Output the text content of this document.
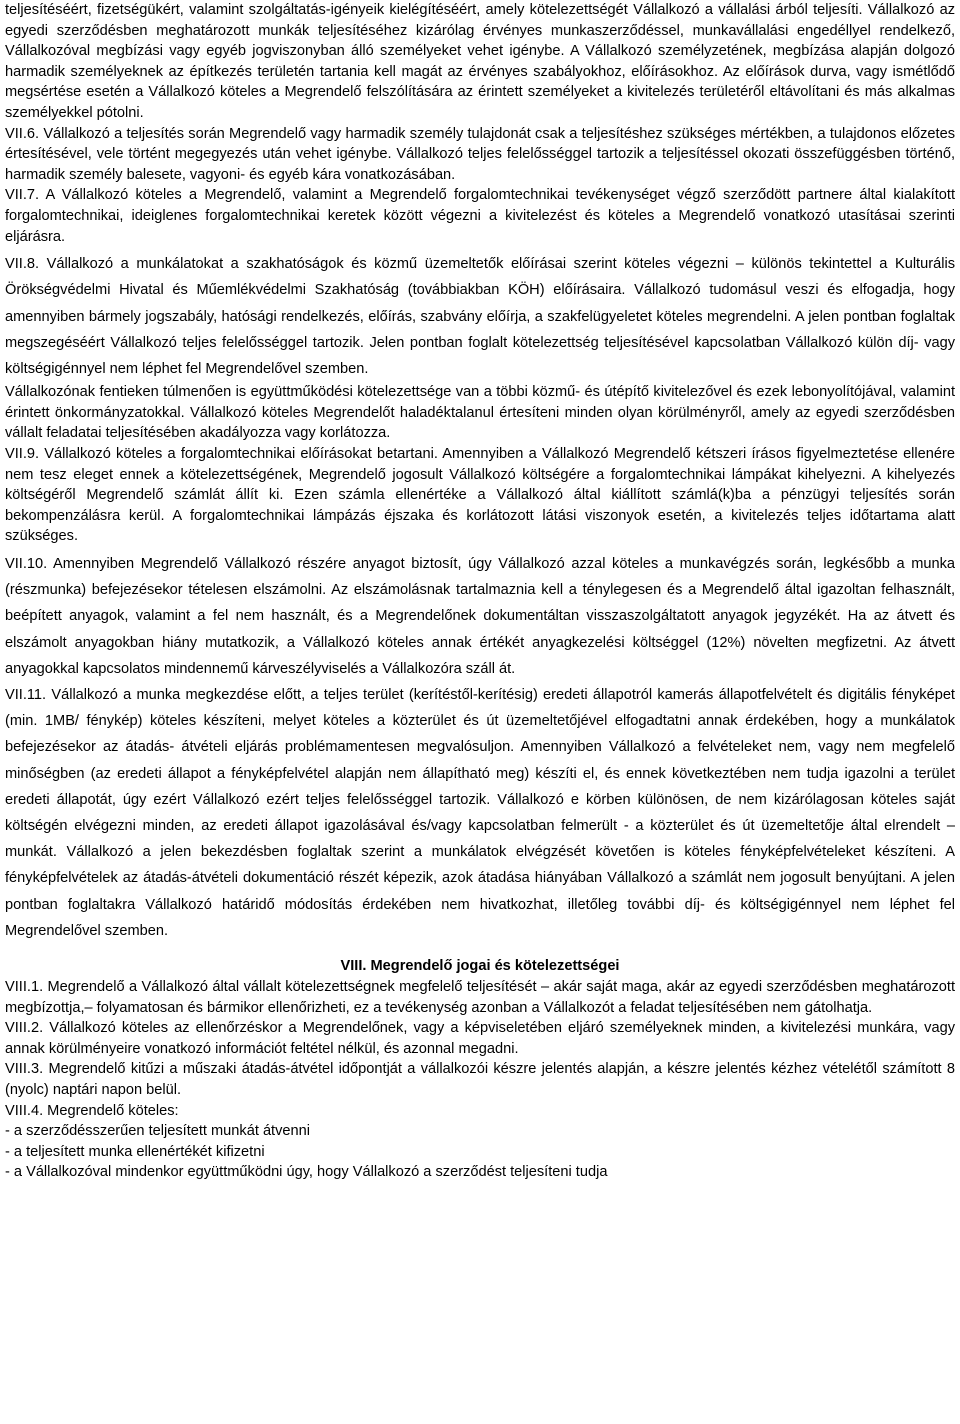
teljesítéséért, fizetségükért, valamint szolgáltatás-igényeik kielégítéséért, amely kötelezettségét Vállalkozó a vállalási árból teljesíti. Vállalkozó az egyedi szerződésben meghatározott munkák teljesítéséhez kizárólag érvényes munkaszerződéssel, munkavállalási engedéllyel rendelkező, Vállalkozóval megbízási vagy egyéb jogviszonyban álló személyeket vehet igénybe. A Vállalkozó személyzetének, megbízása alapján dolgozó harmadik személyeknek az építkezés területén tartania kell magát az érvényes szabályokhoz, előírásokhoz. Az előírások durva, vagy ismétlődő megsértése esetén a Vállalkozó köteles a Megrendelő felszólítására az érintett személyeket a kivitelezés területéről eltávolítani és más alkalmas személyekkel pótolni.

VII.6. Vállalkozó a teljesítés során Megrendelő vagy harmadik személy tulajdonát csak a teljesítéshez szükséges mértékben, a tulajdonos előzetes értesítésével, vele történt megegyezés után vehet igénybe. Vállalkozó teljes felelősséggel tartozik a teljesítéssel okozati összefüggésben történő, harmadik személy balesete, vagyoni- és egyéb kára vonatkozásában.

VII.7. A Vállalkozó köteles a Megrendelő, valamint a Megrendelő forgalomtechnikai tevékenységet végző szerződött partnere által kialakított forgalomtechnikai, ideiglenes forgalomtechnikai keretek között végezni a kivitelezést és köteles a Megrendelő vonatkozó utasításai szerinti eljárásra.

VII.8. Vállalkozó a munkálatokat a szakhatóságok és közmű üzemeltetők előírásai szerint köteles végezni – különös tekintettel a Kulturális Örökségvédelmi Hivatal és Műemlékvédelmi Szakhatóság (továbbiakban KÖH) előírásaira. Vállalkozó tudomásul veszi és elfogadja, hogy amennyiben bármely jogszabály, hatósági rendelkezés, előírás, szabvány előírja, a szakfelügyeletet köteles megrendelni. A jelen pontban foglaltak megszegéséért Vállalkozó teljes felelősséggel tartozik. Jelen pontban foglalt kötelezettség teljesítésével kapcsolatban Vállalkozó külön díj- vagy költségigénnyel nem léphet fel Megrendelővel szemben.

Vállalkozónak fentieken túlmenően is együttműködési kötelezettsége van a többi közmű- és útépítő kivitelezővel és ezek lebonyolítójával, valamint érintett önkormányzatokkal. Vállalkozó köteles Megrendelőt haladéktalanul értesíteni minden olyan körülményről, amely az egyedi szerződésben vállalt feladatai teljesítésében akadályozza vagy korlátozza.

VII.9. Vállalkozó köteles a forgalomtechnikai előírásokat betartani. Amennyiben a Vállalkozó Megrendelő kétszeri írásos figyelmeztetése ellenére nem tesz eleget ennek a kötelezettségének, Megrendelő jogosult Vállalkozó költségére a forgalomtechnikai lámpákat kihelyezni. A kihelyezés költségéről Megrendelő számlát állít ki. Ezen számla ellenértéke a Vállalkozó által kiállított számlá(k)ba a pénzügyi teljesítés során bekompenzálásra kerül. A forgalomtechnikai lámpázás éjszaka és korlátozott látási viszonyok esetén, a kivitelezés teljes időtartama alatt szükséges.

VII.10. Amennyiben Megrendelő Vállalkozó részére anyagot biztosít, úgy Vállalkozó azzal köteles a munkavégzés során, legkésőbb a munka (részmunka) befejezésekor tételesen elszámolni. Az elszámolásnak tartalmaznia kell a ténylegesen és a Megrendelő által igazoltan felhasznált, beépített anyagok, valamint a fel nem használt, és a Megrendelőnek dokumentáltan visszaszolgáltatott anyagok jegyzékét. Ha az átvett és elszámolt anyagokban hiány mutatkozik, a Vállalkozó köteles annak értékét anyagkezelési költséggel (12%) növelten megfizetni. Az átvett anyagokkal kapcsolatos mindennemű kárveszélyviselés a Vállalkozóra száll át.

VII.11. Vállalkozó a munka megkezdése előtt, a teljes terület (kerítéstől-kerítésig) eredeti állapotról kamerás állapotfelvételt és digitális fényképet (min. 1MB/ fénykép) köteles készíteni, melyet köteles a közterület és út üzemeltetőjével elfogadtatni annak érdekében, hogy a munkálatok befejezésekor az átadás- átvételi eljárás problémamentesen megvalósuljon. Amennyiben Vállalkozó a felvételeket nem, vagy nem megfelelő minőségben (az eredeti állapot a fényképfelvétel alapján nem állapítható meg) készíti el, és ennek következtében nem tudja igazolni a terület eredeti állapotát, úgy ezért Vállalkozó ezért teljes felelősséggel tartozik. Vállalkozó e körben különösen, de nem kizárólagosan köteles saját költségén elvégezni minden, az eredeti állapot igazolásával és/vagy kapcsolatban felmerült - a közterület és út üzemeltetője által elrendelt – munkát. Vállalkozó a jelen bekezdésben foglaltak szerint a munkálatok elvégzését követően is köteles fényképfelvételeket készíteni. A fényképfelvételek az átadás-átvételi dokumentáció részét képezik, azok átadása hiányában Vállalkozó a számlát nem jogosult benyújtani. A jelen pontban foglaltakra Vállalkozó határidő módosítás érdekében nem hivatkozhat, illetőleg további díj- és költségigénnyel nem léphet fel Megrendelővel szemben.

VIII. Megrendelő jogai és kötelezettségei

VIII.1. Megrendelő a Vállalkozó által vállalt kötelezettségnek megfelelő teljesítését – akár saját maga, akár az egyedi szerződésben meghatározott megbízottja,– folyamatosan és bármikor ellenőrizheti, ez a tevékenység azonban a Vállalkozót a feladat teljesítésében nem gátolhatja.

VIII.2. Vállalkozó köteles az ellenőrzéskor a Megrendelőnek, vagy a képviseletében eljáró személyeknek minden, a kivitelezési munkára, vagy annak körülményeire vonatkozó információt feltétel nélkül, és azonnal megadni.

VIII.3. Megrendelő kitűzi a műszaki átadás-átvétel időpontját a vállalkozói készre jelentés alapján, a készre jelentés kézhez vételétől számított 8 (nyolc) naptári napon belül.

VIII.4. Megrendelő köteles:

- a szerződésszerűen teljesített munkát átvenni
- a teljesített munka ellenértékét kifizetni
- a Vállalkozóval mindenkor együttműködni úgy, hogy Vállalkozó a szerződést teljesíteni tudja
